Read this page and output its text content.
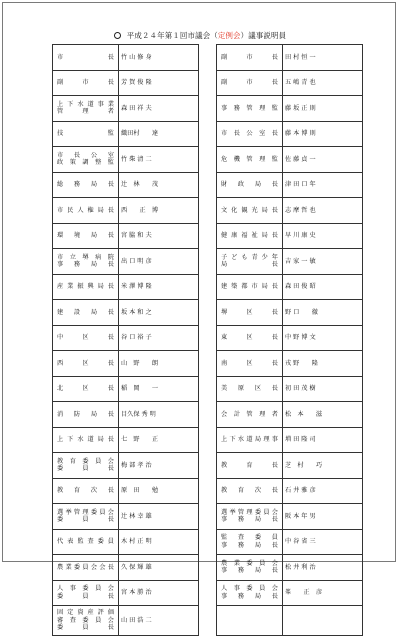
平成２４年第１回市議会（定例会）議事説明員
市　　長	竹 山 修 身

副　市　長	芳 賀 俊 隆

上下水道事業
管　理　者	森 田 祥 夫

技　　監	織田村　　達

市 長 公 室
政 策 調 整 監	竹 柴 清 二

総 務 局 長	辻　林　　茂

市民人権局長	西　　正　博

環 境 局 長	宮 脇 和 夫

市立堺病院
事 務 局 長	出 口 明 彦

産業振興局長	米 澤 博 隆

建 設 局 長	坂 本 和 之

中　区　長	谷 口 裕 子

西　区　長	山　野　　朗

北　区　長	稲　岡　　一

消 防 局 長	目久保 秀 明

上下水道局長	七　野　　正

教 育 委 員 会
委　員　長	梅 部 孝 治

教 育 次 長	原　田　　勉

選挙管理委員会
委　員　長	辻 林 幸 雄

代表監査委員	木 村 正 明

農業委員会会長	久 保 輝 雄

人 事 委 員 会
委　員　長	宮 本 勝 治

固定資産評価
審 査 委 員 会
委　員　長	山 田 浩 二
副　市　長	田 村 恒 一

副　市　長	五 嶋 青 也

事務管理監	藤 坂 正 則

市 長 公 室 長	藤 本 博 則

危機管理監	佐 藤 貞 一

財 政 局 長	津 田 口 年

文化観光局長	志 摩 哲 也

健康福祉局長	早 川 康 史

子ども青少年
局　　長	吉 家 一 敏

建築都市局長	森 田 俊 昭

堺　区　長	野 口　　徹

東　区　長	中 野 博 文

南　区　長	戎 野　　隆

美 原 区 長	初 田 茂 樹

会計管理者	松　本　　滋

上下水道局理事	増 田 隆 司

教　育　長	芝　村　　巧

教 育 次 長	石 井 雅 彦

選挙管理委員会
事 務 局 長	阪 本 年 男

監 査 委 員
事 務 局 長	中 谷 省 三

農 業 委 員 会
事 務 局 長	松 井 利 治

人 事 委 員 会
事 務 局 長	峯　　正　彦
